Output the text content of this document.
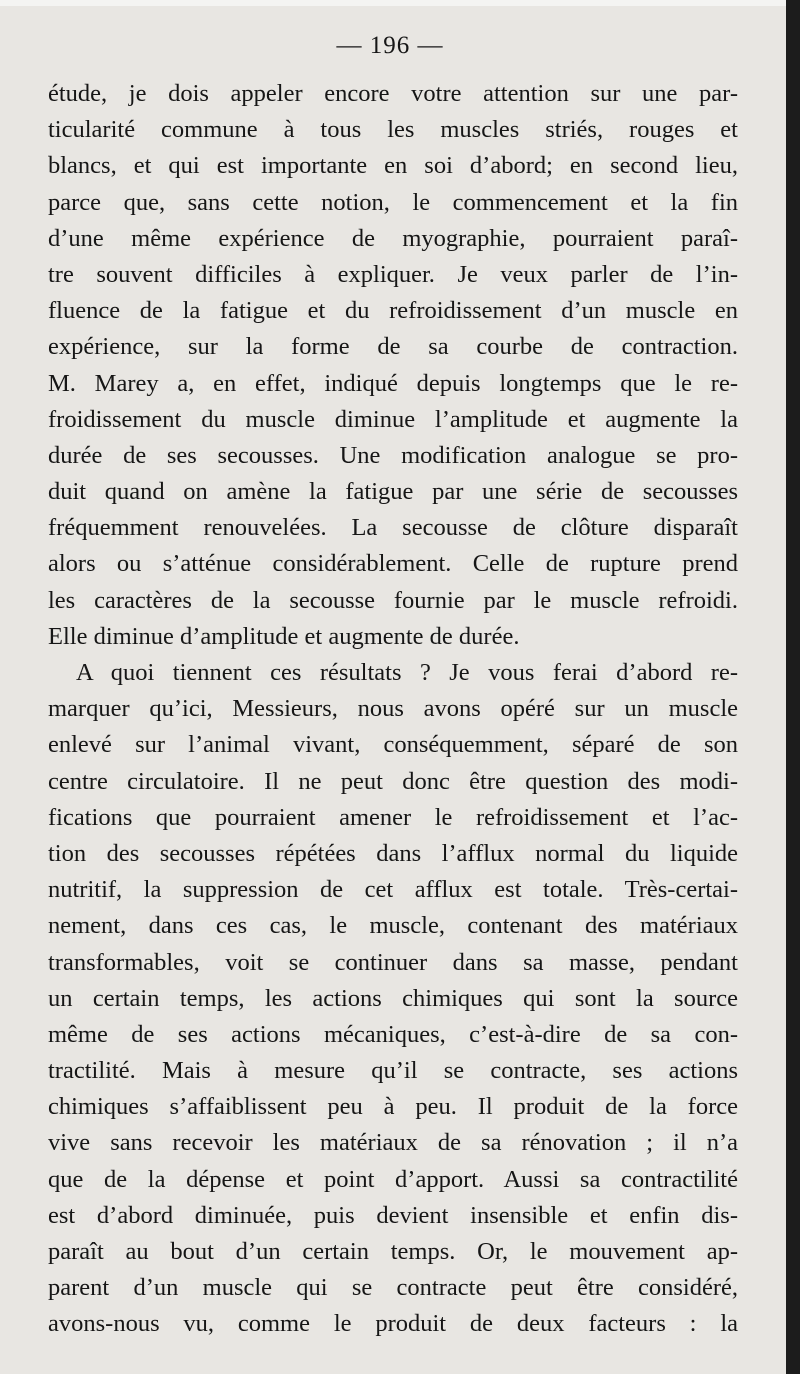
— 196 —
étude, je dois appeler encore votre attention sur une par-
ticularité commune à tous les muscles striés, rouges et
blancs, et qui est importante en soi d’abord; en second lieu,
parce que, sans cette notion, le commencement et la fin
d’une même expérience de myographie, pourraient paraî-
tre souvent difficiles à expliquer. Je veux parler de l’in-
fluence de la fatigue et du refroidissement d’un muscle en
expérience, sur la forme de sa courbe de contraction.
M. Marey a, en effet, indiqué depuis longtemps que le re-
froidissement du muscle diminue l’amplitude et augmente la
durée de ses secousses. Une modification analogue se pro-
duit quand on amène la fatigue par une série de secousses
fréquemment renouvelées. La secousse de clôture disparaît
alors ou s’atténue considérablement. Celle de rupture prend
les caractères de la secousse fournie par le muscle refroidi.
Elle diminue d’amplitude et augmente de durée.
A quoi tiennent ces résultats ? Je vous ferai d’abord re-
marquer qu’ici, Messieurs, nous avons opéré sur un muscle
enlevé sur l’animal vivant, conséquemment, séparé de son
centre circulatoire. Il ne peut donc être question des modi-
fications que pourraient amener le refroidissement et l’ac-
tion des secousses répétées dans l’afflux normal du liquide
nutritif, la suppression de cet afflux est totale. Très-certai-
nement, dans ces cas, le muscle, contenant des matériaux
transformables, voit se continuer dans sa masse, pendant
un certain temps, les actions chimiques qui sont la source
même de ses actions mécaniques, c’est-à-dire de sa con-
tractilité. Mais à mesure qu’il se contracte, ses actions
chimiques s’affaiblissent peu à peu. Il produit de la force
vive sans recevoir les matériaux de sa rénovation ; il n’a
que de la dépense et point d’apport. Aussi sa contractilité
est d’abord diminuée, puis devient insensible et enfin dis-
paraît au bout d’un certain temps. Or, le mouvement ap-
parent d’un muscle qui se contracte peut être considéré,
avons-nous vu, comme le produit de deux facteurs : la
